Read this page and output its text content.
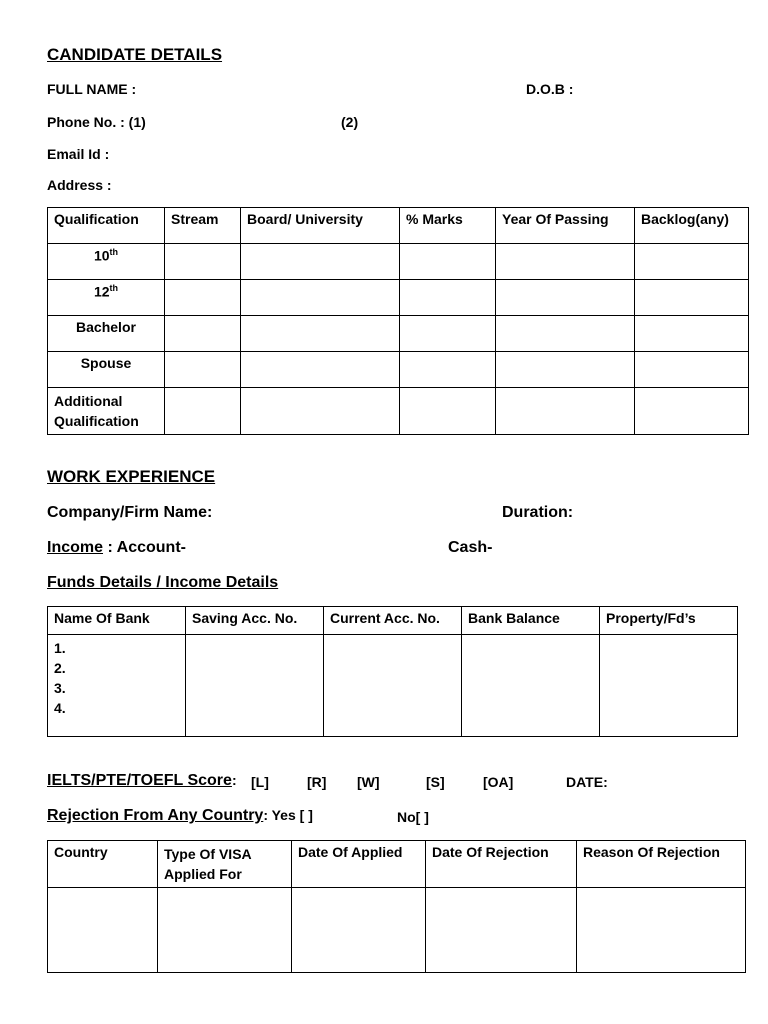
CANDIDATE DETAILS
FULL NAME :	D.O.B :
Phone No. : (1)	(2)
Email Id :
Address :
Qualification	Stream	Board/ University	% Marks	Year Of Passing	Backlog(any)
10th					
12th					
Bachelor					
Spouse					
Additional Qualification					
WORK EXPERIENCE
Company/Firm Name:	Duration:
Income : Account-	Cash-
Funds Details / Income Details
Name Of Bank	Saving Acc. No.	Current Acc. No.	Bank Balance	Property/Fd’s

1.
2.
3.
4.				

IELTS/PTE/TOEFL Score: [L]	[R] [W]	[S]	[OA]	DATE:
Rejection From Any Country: Yes [ ]	No[ ]
Country	Type Of VISA Applied For	Date Of Applied	Date Of Rejection	Reason Of Rejection
